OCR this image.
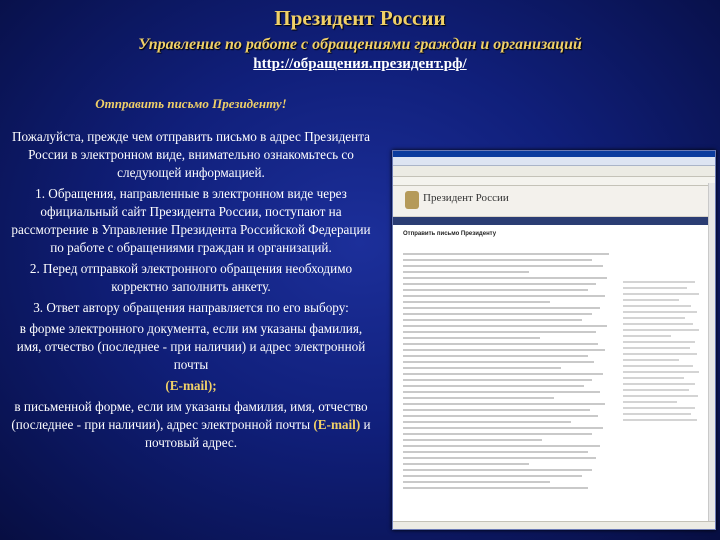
Президент России
Управление по работе с обращениями граждан и организаций
http://обращения.президент.рф/

Отправить письмо Президенту!

Пожалуйста, прежде чем отправить письмо в адрес Президента России в электронном виде, внимательно ознакомьтесь со следующей информацией.

1. Обращения, направленные в электронном виде через официальный сайт Президента России, поступают на рассмотрение в Управление Президента Российской Федерации по работе с обращениями граждан и организаций.

2. Перед отправкой электронного обращения необходимо корректно заполнить анкету.

3. Ответ автору обращения направляется по его выбору:

в форме электронного документа, если им указаны фамилия, имя, отчество (последнее - при наличии) и адрес электронной почты

(E-mail);

в письменной форме, если им указаны фамилия, имя, отчество (последнее - при наличии), адрес электронной почты (E-mail) и почтовый адрес.

Президент России
Отправить письмо Президенту
